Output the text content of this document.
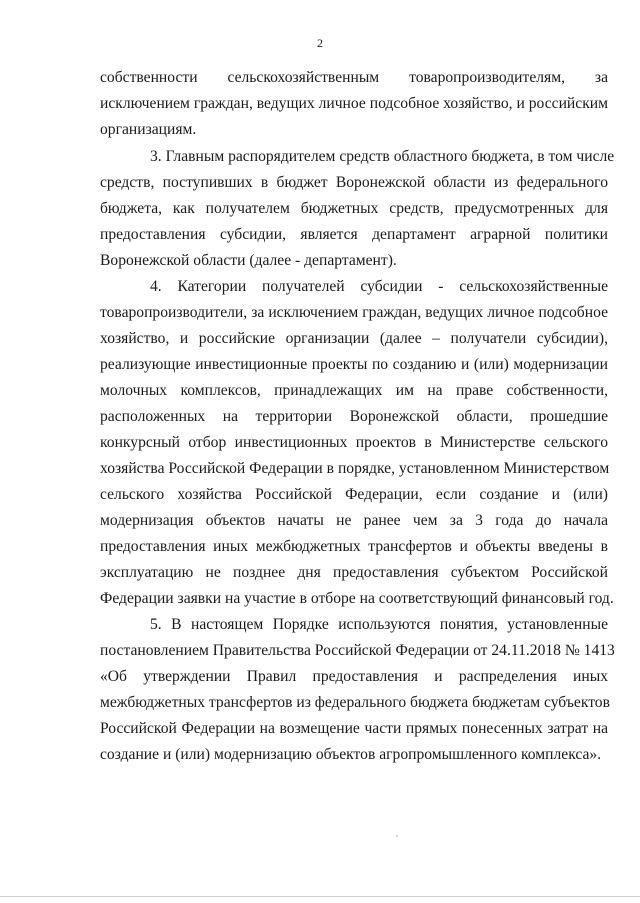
2
собственности сельскохозяйственным товаропроизводителям, за
исключением граждан, ведущих личное подсобное хозяйство, и российским
организациям.
3. Главным распорядителем средств областного бюджета, в том числе
средств, поступивших в бюджет Воронежской области из федерального
бюджета, как получателем бюджетных средств, предусмотренных для
предоставления субсидии, является департамент аграрной политики
Воронежской области (далее - департамент).
4. Категории получателей субсидии - сельскохозяйственные
товаропроизводители, за исключением граждан, ведущих личное подсобное
хозяйство, и российские организации (далее – получатели субсидии),
реализующие инвестиционные проекты по созданию и (или) модернизации
молочных комплексов, принадлежащих им на праве собственности,
расположенных на территории Воронежской области, прошедшие
конкурсный отбор инвестиционных проектов в Министерстве сельского
хозяйства Российской Федерации в порядке, установленном Министерством
сельского хозяйства Российской Федерации, если создание и (или)
модернизация объектов начаты не ранее чем за 3 года до начала
предоставления иных межбюджетных трансфертов и объекты введены в
эксплуатацию не позднее дня предоставления субъектом Российской
Федерации заявки на участие в отборе на соответствующий финансовый год.
5. В настоящем Порядке используются понятия, установленные
постановлением Правительства Российской Федерации от 24.11.2018 № 1413
«Об утверждении Правил предоставления и распределения иных
межбюджетных трансфертов из федерального бюджета бюджетам субъектов
Российской Федерации на возмещение части прямых понесенных затрат на
создание и (или) модернизацию объектов агропромышленного комплекса».
